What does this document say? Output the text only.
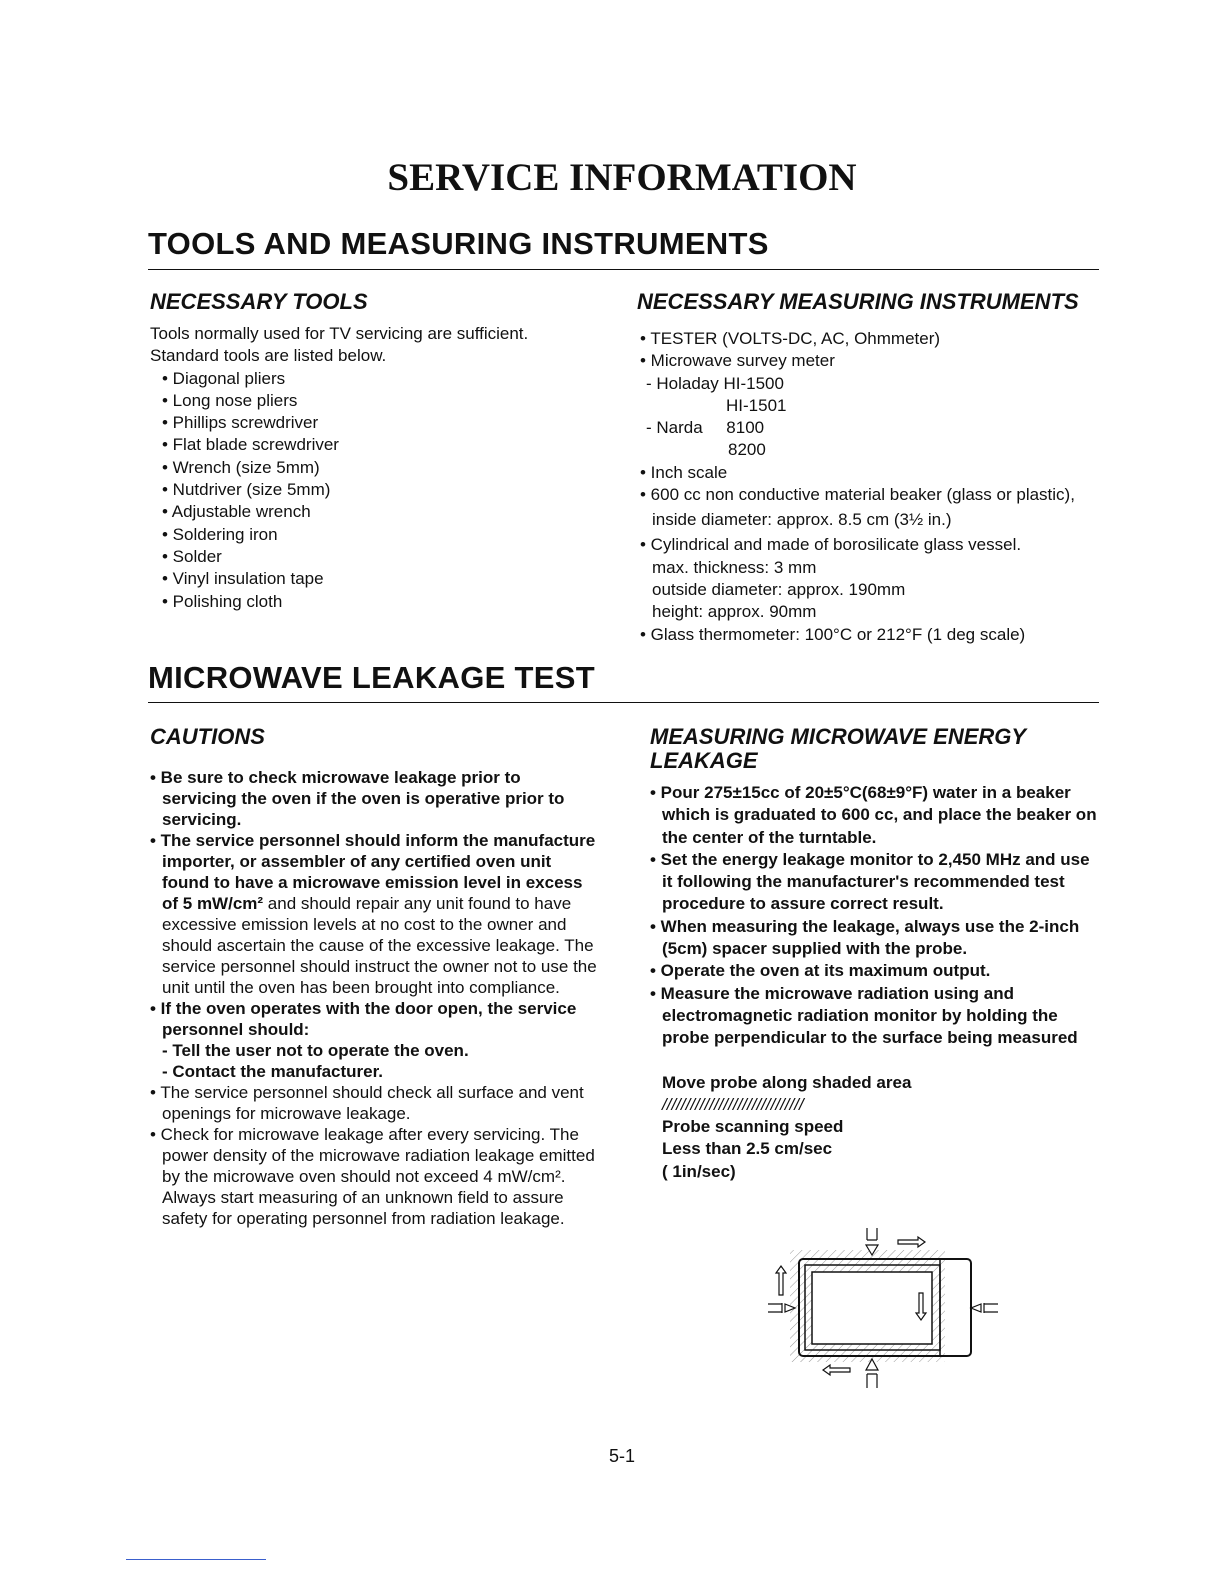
SERVICE INFORMATION
TOOLS AND MEASURING INSTRUMENTS
NECESSARY TOOLS
Tools normally used for TV servicing are sufficient.
Standard tools are listed below.
• Diagonal pliers
• Long nose pliers
• Phillips screwdriver
• Flat blade screwdriver
• Wrench (size 5mm)
• Nutdriver (size 5mm)
• Adjustable wrench
• Soldering iron
• Solder
• Vinyl insulation tape
• Polishing cloth
NECESSARY MEASURING INSTRUMENTS
• TESTER (VOLTS-DC, AC, Ohmmeter)
• Microwave survey meter
- Holaday HI-1500
HI-1501
- Narda     8100
8200
• Inch scale
• 600 cc non conductive material beaker (glass or plastic),
inside diameter: approx. 8.5 cm (3½ in.)
• Cylindrical and made of borosilicate glass vessel.
max. thickness: 3 mm
outside diameter: approx. 190mm
height: approx. 90mm
• Glass thermometer: 100°C or 212°F (1 deg scale)
MICROWAVE LEAKAGE TEST
CAUTIONS
• Be sure to check microwave leakage prior to servicing the oven if the oven is operative prior to servicing.
• The service personnel should inform the manufacture importer, or assembler of any certified oven unit found to have a microwave emission level in excess of 5 mW/cm² and should repair any unit found to have excessive emission levels at no cost to the owner and should ascertain the cause of the excessive leakage. The service personnel should instruct the owner not to use the unit until the oven has been brought into compliance.
• If the oven operates with the door open, the service personnel should:
- Tell the user not to operate the oven.
- Contact the manufacturer.
• The service personnel should check all surface and vent openings for microwave leakage.
• Check for microwave leakage after every servicing. The power density of the microwave radiation leakage emitted by the microwave oven should not exceed 4 mW/cm². Always start measuring of an unknown field to assure safety for operating personnel from radiation leakage.
MEASURING MICROWAVE ENERGY LEAKAGE
• Pour 275±15cc of 20±5°C(68±9°F) water in a beaker which is graduated to 600 cc, and place the beaker on the center of the turntable.
• Set the energy leakage monitor to 2,450 MHz and use it following the manufacturer's recommended test procedure to assure correct result.
• When measuring the leakage, always use the 2-inch (5cm) spacer supplied with the probe.
• Operate the oven at its maximum output.
• Measure the microwave radiation using and electromagnetic radiation monitor by holding the probe perpendicular to the surface being measured
Move probe along shaded area
//////////////////////////////
Probe scanning speed
Less than 2.5 cm/sec
( 1in/sec)
5-1
